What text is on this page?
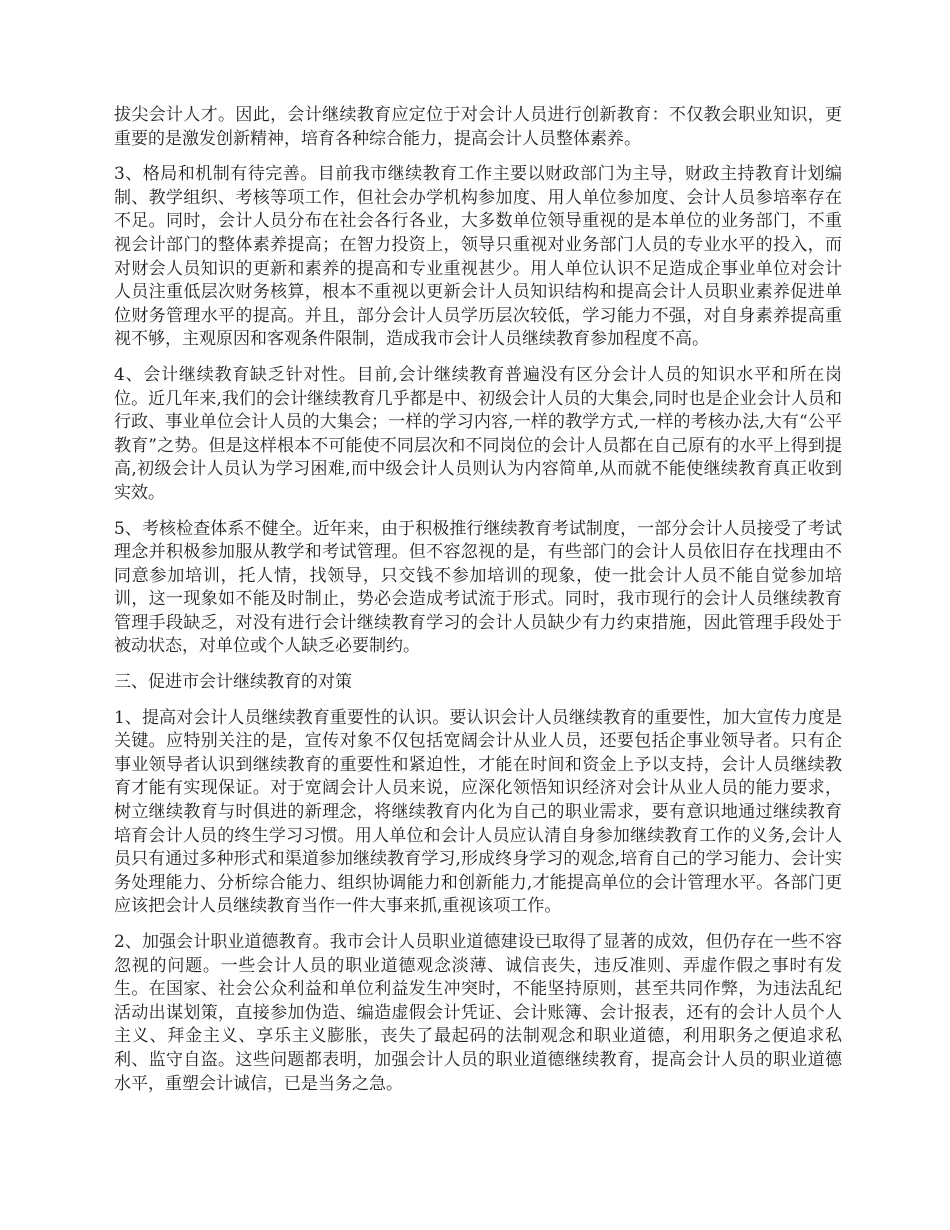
拔尖会计人才。因此，会计继续教育应定位于对会计人员进行创新教育：不仅教会职业知识，更重要的是激发创新精神，培育各种综合能力，提高会计人员整体素养。

3、格局和机制有待完善。目前我市继续教育工作主要以财政部门为主导，财政主持教育计划编制、教学组织、考核等项工作，但社会办学机构参加度、用人单位参加度、会计人员参培率存在不足。同时，会计人员分布在社会各行各业，大多数单位领导重视的是本单位的业务部门，不重视会计部门的整体素养提高；在智力投资上，领导只重视对业务部门人员的专业水平的投入，而对财会人员知识的更新和素养的提高和专业重视甚少。用人单位认识不足造成企事业单位对会计人员注重低层次财务核算，根本不重视以更新会计人员知识结构和提高会计人员职业素养促进单位财务管理水平的提高。并且，部分会计人员学历层次较低，学习能力不强，对自身素养提高重视不够，主观原因和客观条件限制，造成我市会计人员继续教育参加程度不高。

4、会计继续教育缺乏针对性。目前,会计继续教育普遍没有区分会计人员的知识水平和所在岗位。近几年来,我们的会计继续教育几乎都是中、初级会计人员的大集会,同时也是企业会计人员和行政、事业单位会计人员的大集会；一样的学习内容,一样的教学方式,一样的考核办法,大有“公平教育”之势。但是这样根本不可能使不同层次和不同岗位的会计人员都在自己原有的水平上得到提高,初级会计人员认为学习困难,而中级会计人员则认为内容简单,从而就不能使继续教育真正收到实效。

5、考核检查体系不健全。近年来，由于积极推行继续教育考试制度，一部分会计人员接受了考试理念并积极参加服从教学和考试管理。但不容忽视的是，有些部门的会计人员依旧存在找理由不同意参加培训，托人情，找领导，只交钱不参加培训的现象，使一批会计人员不能自觉参加培训，这一现象如不能及时制止，势必会造成考试流于形式。同时，我市现行的会计人员继续教育管理手段缺乏，对没有进行会计继续教育学习的会计人员缺少有力约束措施，因此管理手段处于被动状态，对单位或个人缺乏必要制约。

三、促进市会计继续教育的对策

1、提高对会计人员继续教育重要性的认识。要认识会计人员继续教育的重要性，加大宣传力度是关键。应特别关注的是，宣传对象不仅包括宽阔会计从业人员，还要包括企事业领导者。只有企事业领导者认识到继续教育的重要性和紧迫性，才能在时间和资金上予以支持，会计人员继续教育才能有实现保证。对于宽阔会计人员来说，应深化领悟知识经济对会计从业人员的能力要求，树立继续教育与时俱进的新理念，将继续教育内化为自己的职业需求，要有意识地通过继续教育培育会计人员的终生学习习惯。用人单位和会计人员应认清自身参加继续教育工作的义务,会计人员只有通过多种形式和渠道参加继续教育学习,形成终身学习的观念,培育自己的学习能力、会计实务处理能力、分析综合能力、组织协调能力和创新能力,才能提高单位的会计管理水平。各部门更应该把会计人员继续教育当作一件大事来抓,重视该项工作。

2、加强会计职业道德教育。我市会计人员职业道德建设已取得了显著的成效，但仍存在一些不容忽视的问题。一些会计人员的职业道德观念淡薄、诚信丧失，违反准则、弄虚作假之事时有发生。在国家、社会公众利益和单位利益发生冲突时，不能坚持原则，甚至共同作弊，为违法乱纪活动出谋划策，直接参加伪造、编造虚假会计凭证、会计账簿、会计报表，还有的会计人员个人主义、拜金主义、享乐主义膨胀，丧失了最起码的法制观念和职业道德，利用职务之便追求私利、监守自盗。这些问题都表明，加强会计人员的职业道德继续教育，提高会计人员的职业道德水平，重塑会计诚信，已是当务之急。
